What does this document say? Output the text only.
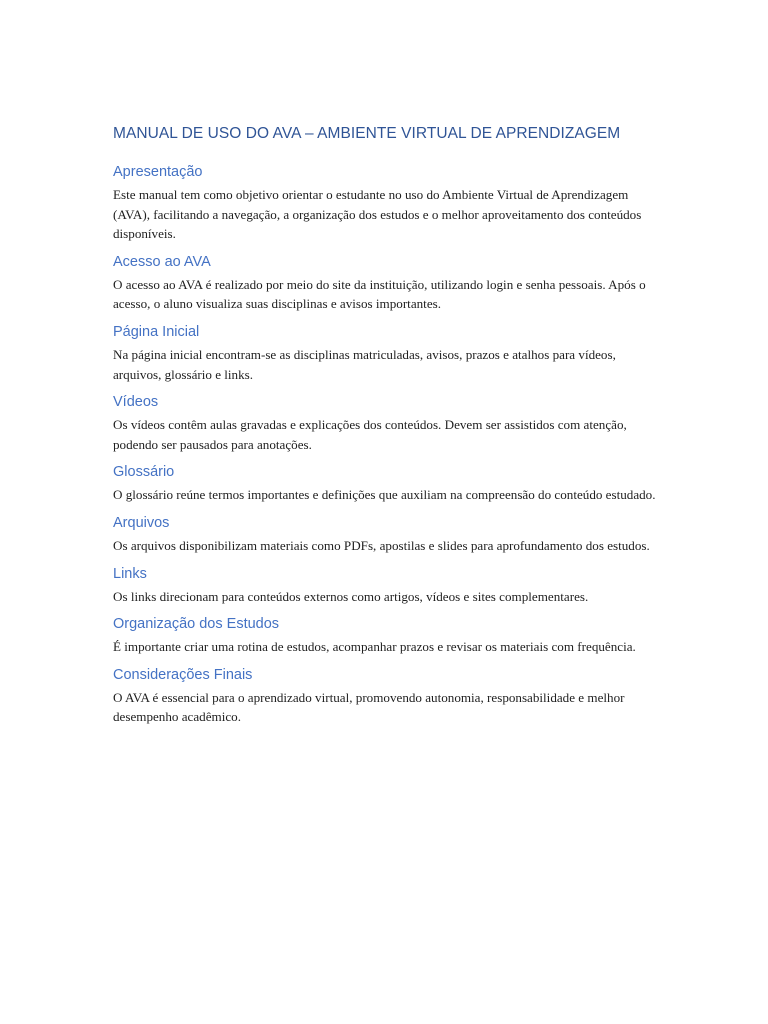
MANUAL DE USO DO AVA – AMBIENTE VIRTUAL DE APRENDIZAGEM
Apresentação

Este manual tem como objetivo orientar o estudante no uso do Ambiente Virtual de Aprendizagem (AVA), facilitando a navegação, a organização dos estudos e o melhor aproveitamento dos conteúdos disponíveis.

Acesso ao AVA

O acesso ao AVA é realizado por meio do site da instituição, utilizando login e senha pessoais. Após o acesso, o aluno visualiza suas disciplinas e avisos importantes.

Página Inicial

Na página inicial encontram-se as disciplinas matriculadas, avisos, prazos e atalhos para vídeos, arquivos, glossário e links.

Vídeos

Os vídeos contêm aulas gravadas e explicações dos conteúdos. Devem ser assistidos com atenção, podendo ser pausados para anotações.

Glossário

O glossário reúne termos importantes e definições que auxiliam na compreensão do conteúdo estudado.

Arquivos

Os arquivos disponibilizam materiais como PDFs, apostilas e slides para aprofundamento dos estudos.

Links

Os links direcionam para conteúdos externos como artigos, vídeos e sites complementares.

Organização dos Estudos

É importante criar uma rotina de estudos, acompanhar prazos e revisar os materiais com frequência.

Considerações Finais

O AVA é essencial para o aprendizado virtual, promovendo autonomia, responsabilidade e melhor desempenho acadêmico.
